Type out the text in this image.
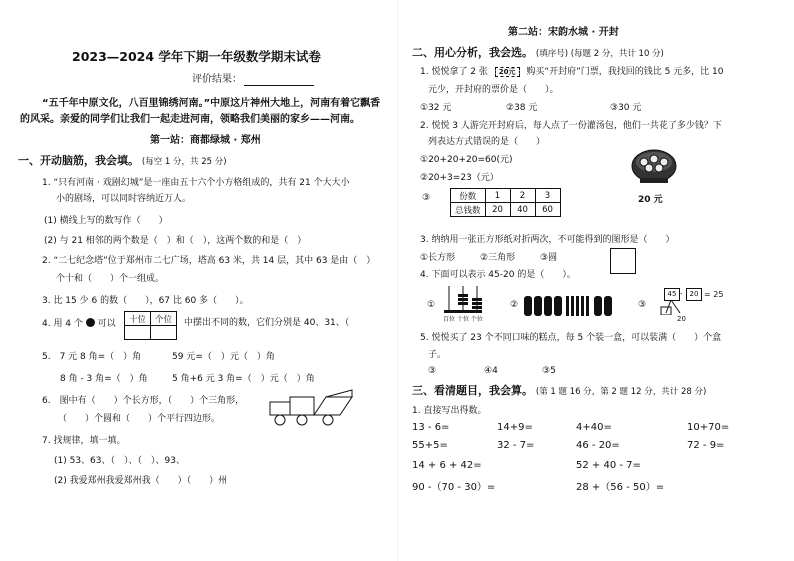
2023—2024 学年下期一年级数学期末试卷
评价结果：
“五千年中原文化，八百里锦绣河南。”中原这片神州大地上，河南有着它飘香
的风采。亲爱的同学们让我们一起走进河南，领略我们美丽的家乡——河南。
第一站：商都绿城 · 郑州
一、开动脑筋，我会填。 (每空 1 分，共 25 分)
1. “只有河南 · 戏剧幻城”是一座由五十六个小方格组成的，共有 21 个大大小
小的剧场，可以同时容纳近万人。
(1) 横线上写的数写作（　　）
(2) 与 21 相邻的两个数是（　）和（　），这两个数的和是（　）
2. “二七纪念塔”位于郑州市二七广场，塔高 63 米，共 14 层，其中 63 是由（　）
个十和（　　）个一组成。
3. 比 15 少 6 的数（　　），67 比 60 多（　　）。
4. 用 4 个 可以 十位	个位
	中摆出不同的数，它们分别是 40、31、（
5.　7 元 8 角=（　）角	59 元=（　）元（　）角
8 角 - 3 角=（　）角	5 角+6 元 3 角=（　）元（　）角
6.　图中有（　　）个长方形，（　　）个三角形，
（　　）个圆和（　　）个平行四边形。
7. 找规律，填一填。
(1) 53、63、（　）、（　）、93、
(2) 我爱郑州我爱郑州我（　　）（　　）州
第二站：宋韵水城 · 开封
二、用心分析，我会选。 (填序号) (每题 2 分，共计 10 分)
1. 悦悦拿了 2 张 20元 购买“开封府”门票，我找回的钱比 5 元多，比 10
元少，开封府的票价是（　　）。
①32 元	②38 元	③30 元
2. 悦悦 3 人游完开封府后，每人点了一份灌汤包，他们一共花了多少钱？下
列表达方式错误的是（　　）
①20+20+20=60(元)
②20+3=23（元）
③	份数	1	2	3
总钱数	20	40	60
20 元
3. 纳纳用一张正方形纸对折两次，不可能得到的图形是（　　）
①长方形	②三角形	③圆
4. 下面可以表示 45-20 的是（　　）。
①
百位 十位 个位
②	③
45 -	20 = 25
20
5. 悦悦买了 23 个不同口味的糕点，每 5 个装一盒，可以装满（　　）个盒
子。
③	④4	③5
三、看清题目，我会算。 (第 1 题 16 分，第 2 题 12 分，共计 28 分)
1. 直接写出得数。
13 - 6=	14+9=	4+40=	10+70=
55+5=	32 - 7=	46 - 20=	72 - 9=
14 + 6 + 42=	52 + 40 - 7=
90 -（70 - 30）=	28 +（56 - 50）=
